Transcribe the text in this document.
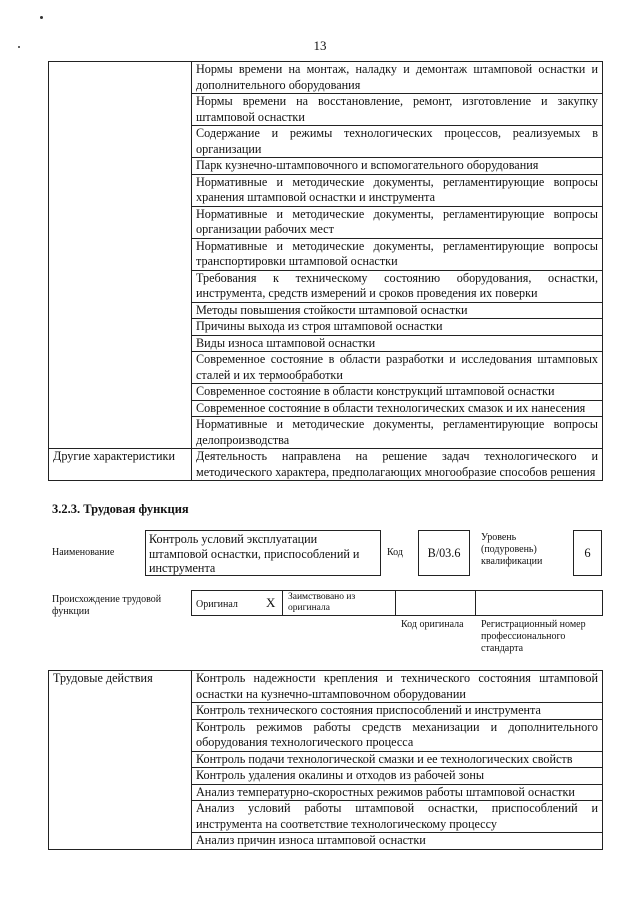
13
	Нормы времени на монтаж, наладку и демонтаж штамповой оснастки и дополнительного оборудования
	Нормы времени на восстановление, ремонт, изготовление и закупку штамповой оснастки
	Содержание и режимы технологических процессов, реализуемых в организации
	Парк кузнечно-штамповочного и вспомогательного оборудования
	Нормативные и методические документы, регламентирующие вопросы хранения штамповой оснастки и инструмента
	Нормативные и методические документы, регламентирующие вопросы организации рабочих мест
	Нормативные и методические документы, регламентирующие вопросы транспортировки штамповой оснастки
	Требования к техническому состоянию оборудования, оснастки, инструмента, средств измерений и сроков проведения их поверки
	Методы повышения стойкости штамповой оснастки
	Причины выхода из строя штамповой оснастки
	Виды износа штамповой оснастки
	Современное состояние в области разработки и исследования штамповых сталей и их термообработки
	Современное состояние в области конструкций штамповой оснастки
	Современное состояние в области технологических смазок и их нанесения
	Нормативные и методические документы, регламентирующие вопросы делопроизводства
Другие характеристики	Деятельность направлена на решение задач технологического и методического характера, предполагающих многообразие способов решения
3.2.3. Трудовая функция
Наименование
Контроль условий эксплуатации штамповой оснастки, приспособлений и инструмента
Код	B/03.6
Уровень (подуровень) квалификации
6
Происхождение трудовой функции
Оригинал X Заимствовано из оригинала
Код оригинала Регистрационный номер профессионального стандарта
Трудовые действия	Контроль надежности крепления и технического состояния штамповой оснастки на кузнечно-штамповочном оборудовании
Контроль технического состояния приспособлений и инструмента
Контроль режимов работы средств механизации и дополнительного оборудования технологического процесса
Контроль подачи технологической смазки и ее технологических свойств
Контроль удаления окалины и отходов из рабочей зоны
Анализ температурно-скоростных режимов работы штамповой оснастки
Анализ условий работы штамповой оснастки, приспособлений и инструмента на соответствие технологическому процессу
Анализ причин износа штамповой оснастки
